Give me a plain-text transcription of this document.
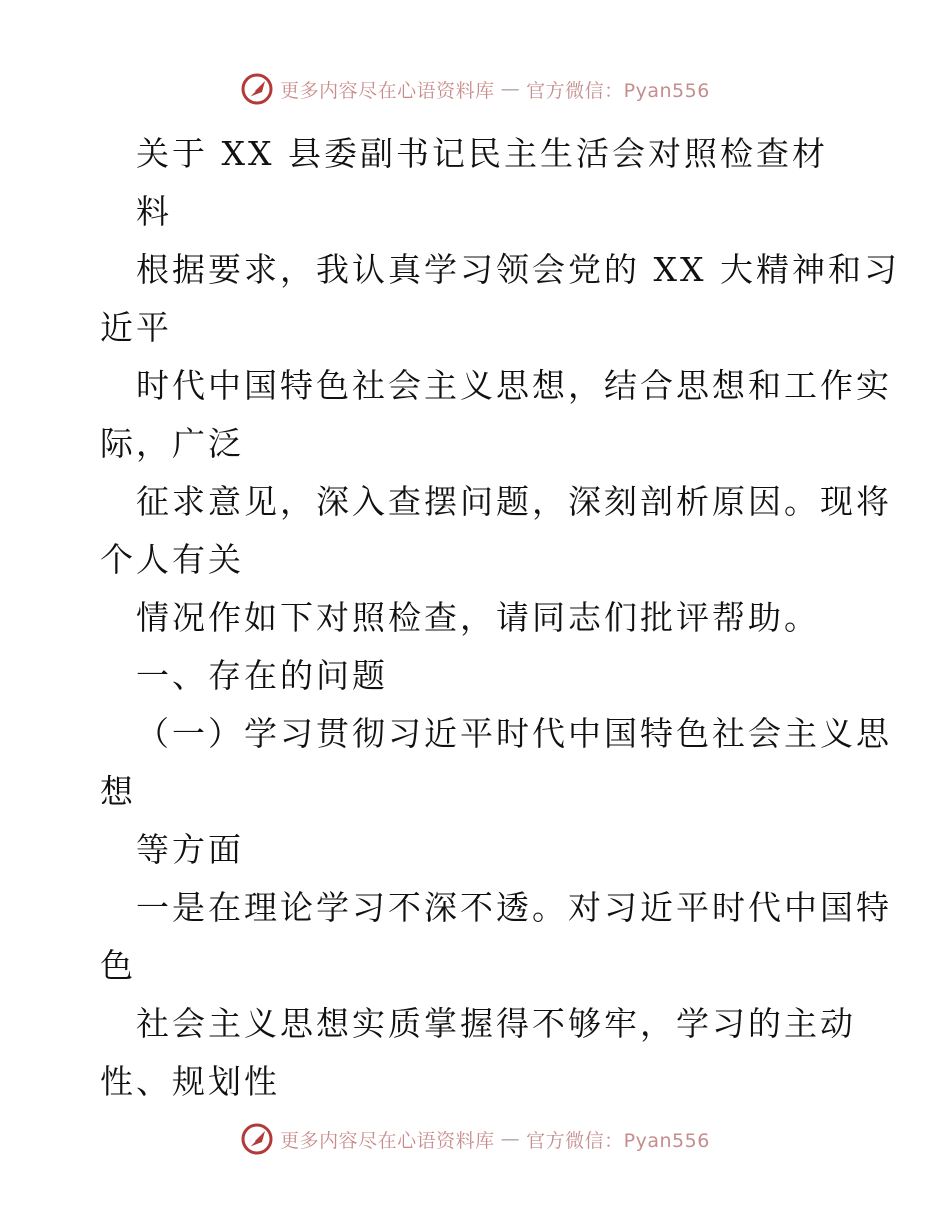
更多内容尽在心语资料库 — 官方微信：Pyan556
关于 XX 县委副书记民主生活会对照检查材
料
根据要求，我认真学习领会党的 XX 大精神和习
近平
时代中国特色社会主义思想，结合思想和工作实
际，广泛
征求意见，深入查摆问题，深刻剖析原因。现将
个人有关
情况作如下对照检查，请同志们批评帮助。
一、存在的问题
（一）学习贯彻习近平时代中国特色社会主义思
想
等方面
一是在理论学习不深不透。对习近平时代中国特
色
社会主义思想实质掌握得不够牢，学习的主动
性、规划性
更多内容尽在心语资料库 — 官方微信：Pyan556
